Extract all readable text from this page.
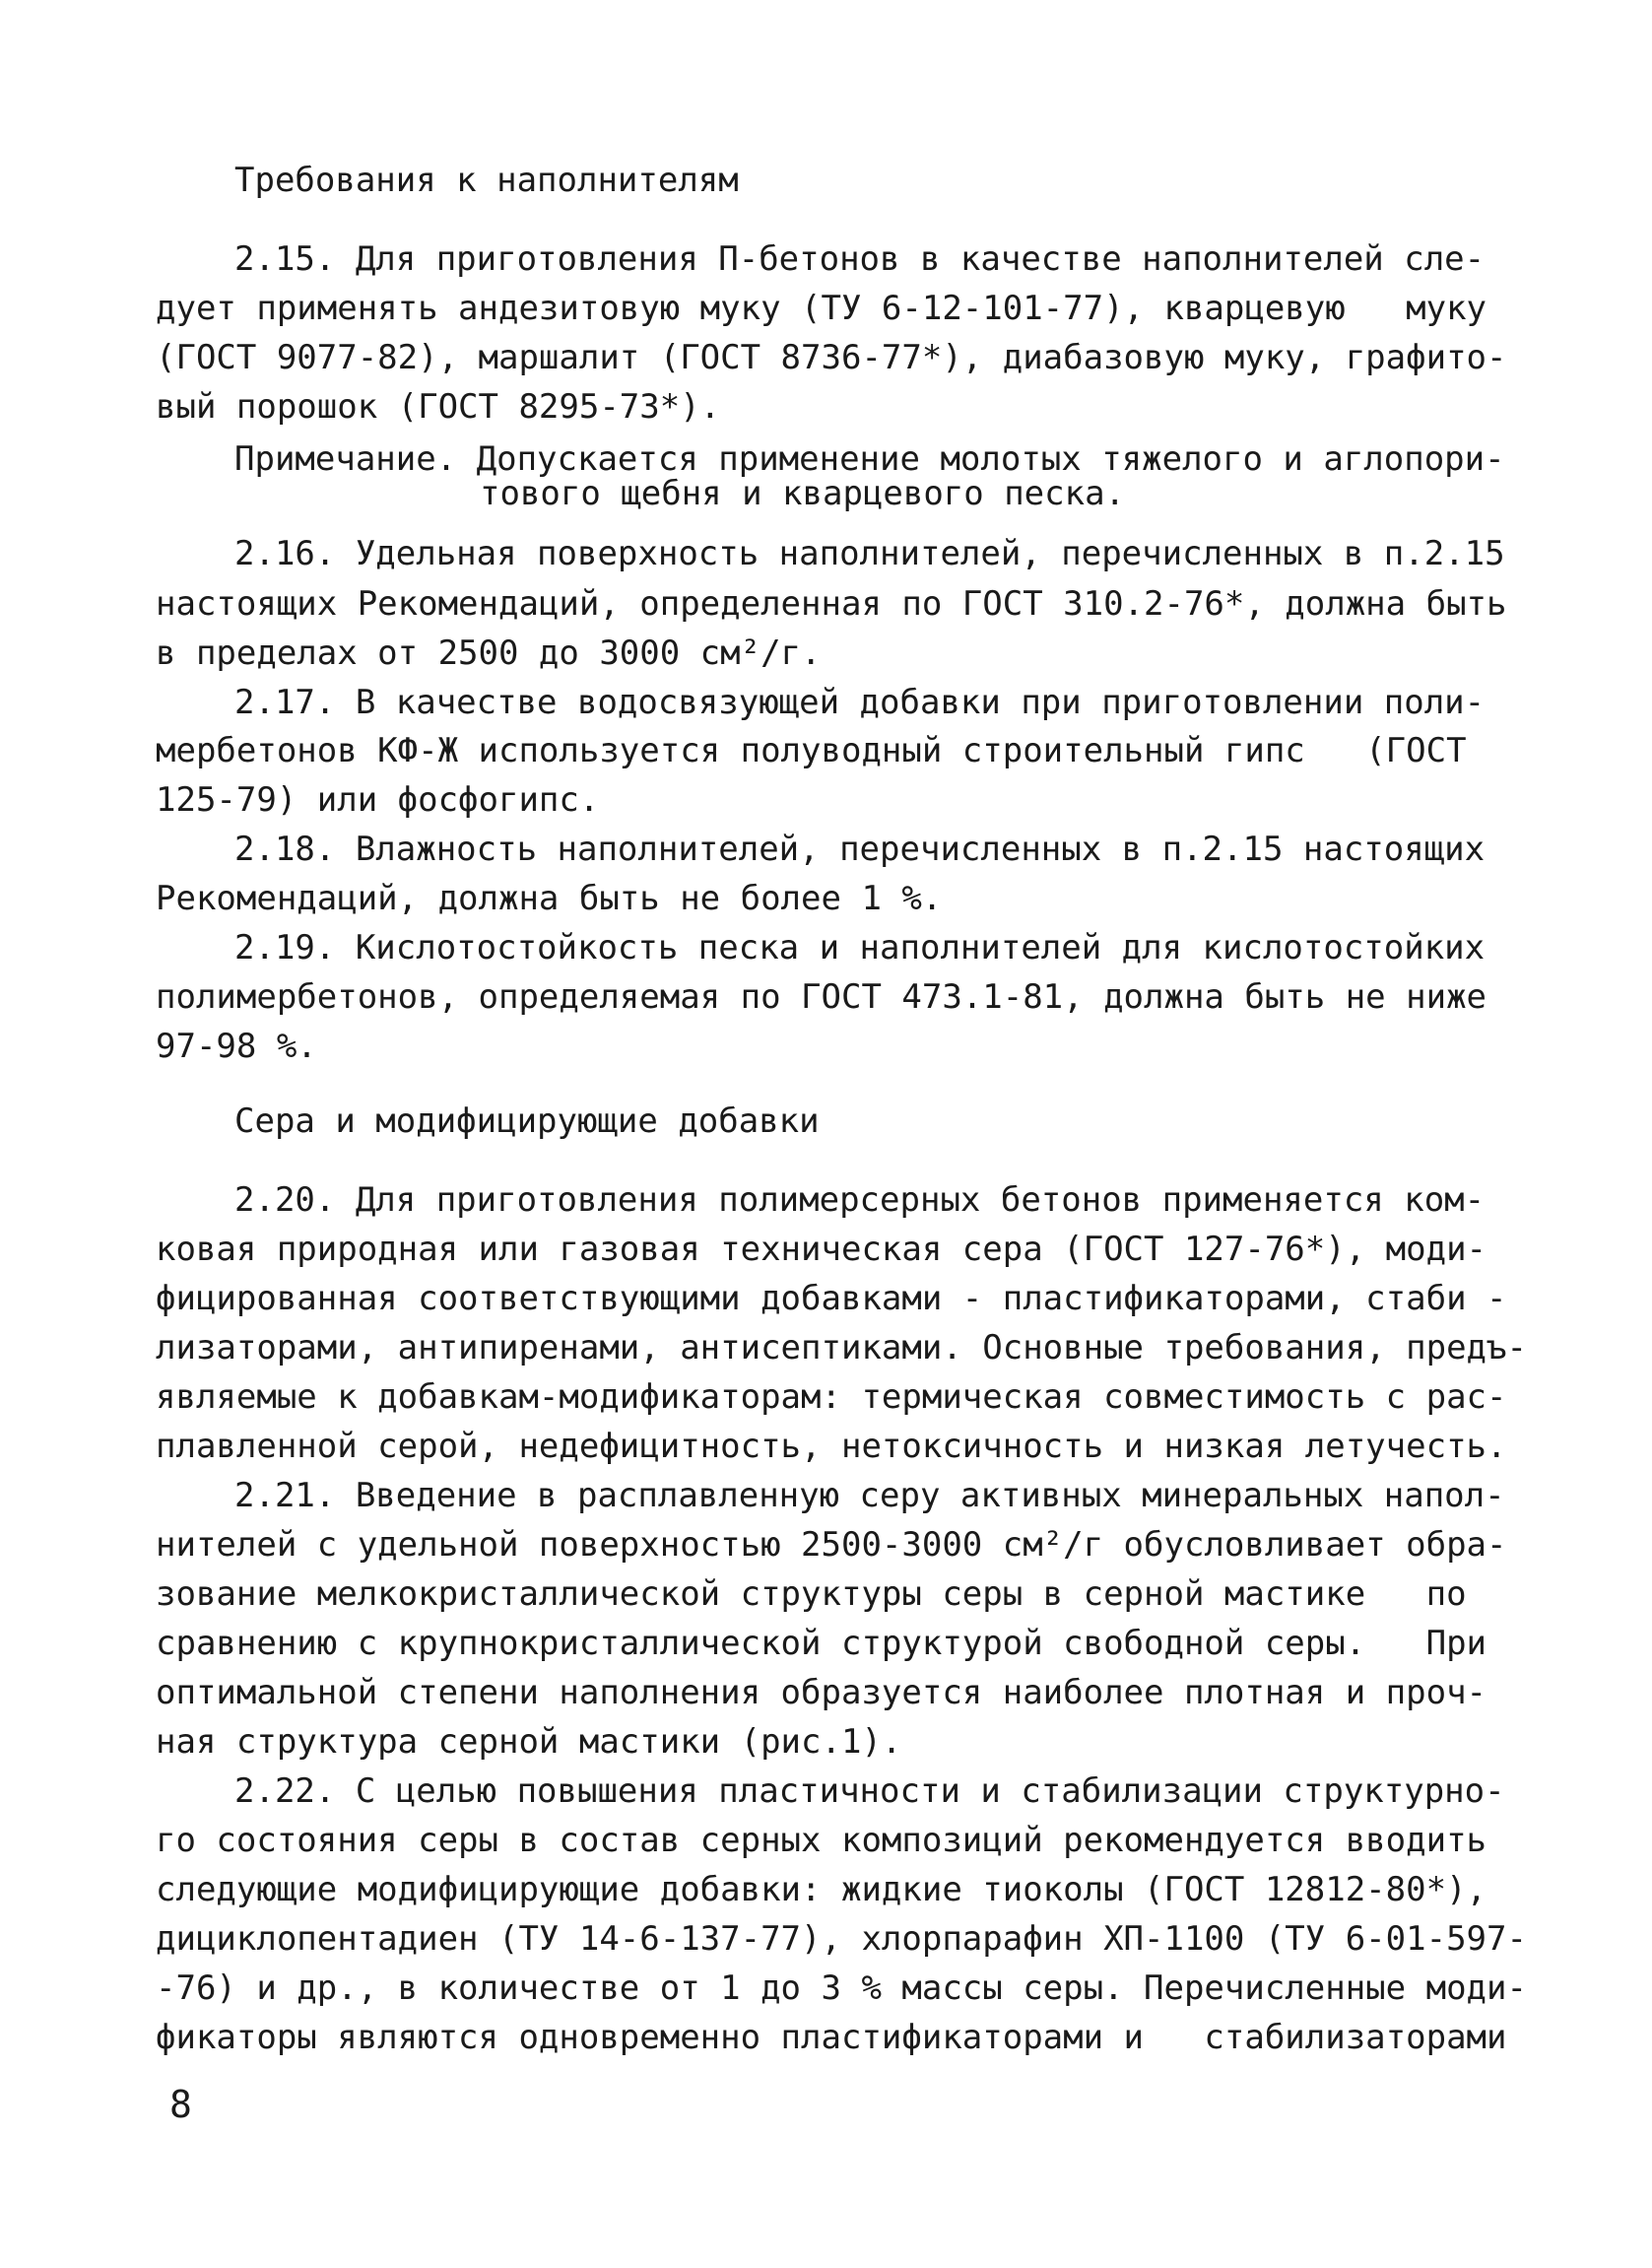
Требования к наполнителям
2.15. Для приготовления П-бетонов в качестве наполнителей сле-
дует применять андезитовую муку (ТУ 6-12-101-77), кварцевую   муку
(ГОСТ 9077-82), маршалит (ГОСТ 8736-77*), диабазовую муку, графито-
вый порошок (ГОСТ 8295-73*).
Примечание. Допускается применение молотых тяжелого и аглопори-
тового щебня и кварцевого песка.
2.16. Удельная поверхность наполнителей, перечисленных в п.2.15
настоящих Рекомендаций, определенная по ГОСТ 310.2-76*, должна быть
в пределах от 2500 до 3000 см²/г.
2.17. В качестве водосвязующей добавки при приготовлении поли-
мербетонов КФ-Ж используется полуводный строительный гипс   (ГОСТ
125-79) или фосфогипс.
2.18. Влажность наполнителей, перечисленных в п.2.15 настоящих
Рекомендаций, должна быть не более 1 %.
2.19. Кислотостойкость песка и наполнителей для кислотостойких
полимербетонов, определяемая по ГОСТ 473.1-81, должна быть не ниже
97-98 %.
Сера и модифицирующие добавки
2.20. Для приготовления полимерсерных бетонов применяется ком-
ковая природная или газовая техническая сера (ГОСТ 127-76*), моди-
фицированная соответствующими добавками - пластификаторами, стаби -
лизаторами, антипиренами, антисептиками. Основные требования, предъ-
являемые к добавкам-модификаторам: термическая совместимость с рас-
плавленной серой, недефицитность, нетоксичность и низкая летучесть.
2.21. Введение в расплавленную серу активных минеральных напол-
нителей с удельной поверхностью 2500-3000 см²/г обусловливает обра-
зование мелкокристаллической структуры серы в серной мастике   по
сравнению с крупнокристаллической структурой свободной серы.   При
оптимальной степени наполнения образуется наиболее плотная и проч-
ная структура серной мастики (рис.1).
2.22. С целью повышения пластичности и стабилизации структурно-
го состояния серы в состав серных композиций рекомендуется вводить
следующие модифицирующие добавки: жидкие тиоколы (ГОСТ 12812-80*),
дициклопентадиен (ТУ 14-6-137-77), хлорпарафин ХП-1100 (ТУ 6-01-597-
-76) и др., в количестве от 1 до 3 % массы серы. Перечисленные моди-
фикаторы являются одновременно пластификаторами и   стабилизаторами
8
